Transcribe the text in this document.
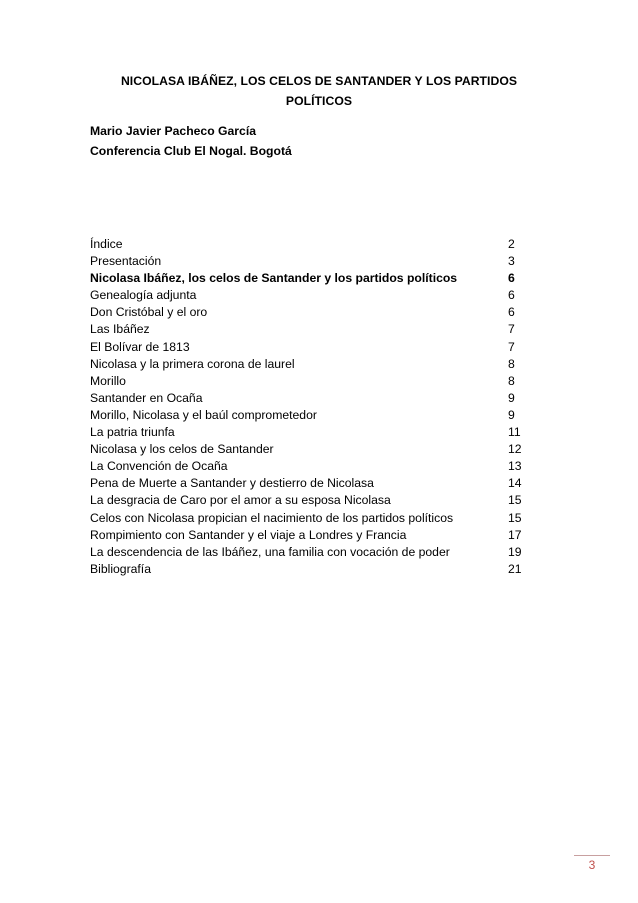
NICOLASA IBÁÑEZ, LOS CELOS DE SANTANDER Y LOS PARTIDOS
POLÍTICOS
Mario Javier Pacheco García
Conferencia Club El Nogal. Bogotá
Índice	2
Presentación	3
Nicolasa Ibáñez, los celos de Santander y los partidos políticos	6
Genealogía adjunta	6
Don Cristóbal y el oro	6
Las Ibáñez	7
El Bolívar de 1813	7
Nicolasa y la primera corona de laurel	8
Morillo	8
Santander en Ocaña	9
Morillo, Nicolasa y el baúl comprometedor	9
La patria triunfa	11
Nicolasa y los celos de Santander	12
La Convención de Ocaña	13
Pena de Muerte a Santander y destierro de Nicolasa	14
La desgracia de Caro por el amor a su esposa Nicolasa	15
Celos con Nicolasa propician el nacimiento de los partidos políticos	15
Rompimiento con Santander y el viaje a Londres y Francia	17
La descendencia de las Ibáñez, una familia con vocación de poder	19
Bibliografía	21
3
